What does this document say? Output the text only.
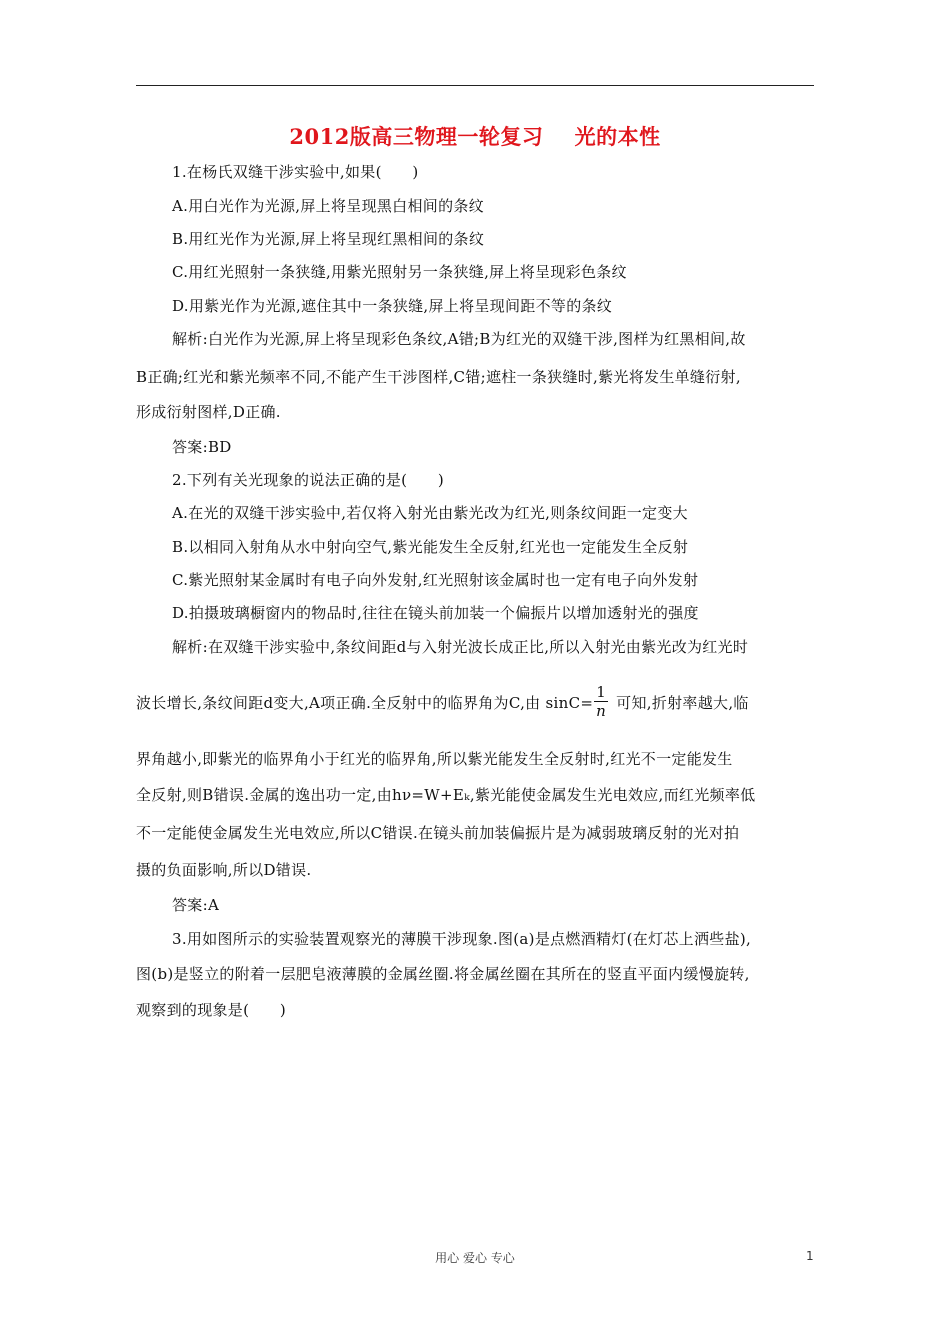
2012版高三物理一轮复习    光的本性
1.在杨氏双缝干涉实验中,如果(　　)
A.用白光作为光源,屏上将呈现黑白相间的条纹
B.用红光作为光源,屏上将呈现红黑相间的条纹
C.用红光照射一条狭缝,用紫光照射另一条狭缝,屏上将呈现彩色条纹
D.用紫光作为光源,遮住其中一条狭缝,屏上将呈现间距不等的条纹
解析:白光作为光源,屏上将呈现彩色条纹,A错;B为红光的双缝干涉,图样为红黑相间,故
B正确;红光和紫光频率不同,不能产生干涉图样,C错;遮柱一条狭缝时,紫光将发生单缝衍射,
形成衍射图样,D正确.
答案:BD
2.下列有关光现象的说法正确的是(　　)
A.在光的双缝干涉实验中,若仅将入射光由紫光改为红光,则条纹间距一定变大
B.以相同入射角从水中射向空气,紫光能发生全反射,红光也一定能发生全反射
C.紫光照射某金属时有电子向外发射,红光照射该金属时也一定有电子向外发射
D.拍摄玻璃橱窗内的物品时,往往在镜头前加装一个偏振片以增加透射光的强度
解析:在双缝干涉实验中,条纹间距d与入射光波长成正比,所以入射光由紫光改为红光时
波长增长,条纹间距d变大,A项正确.全反射中的临界角为C,由 $\sin C= \frac{1}{n}$ 可知,折射率越大,临
界角越小,即紫光的临界角小于红光的临界角,所以紫光能发生全反射时,红光不一定能发生
全反射,则B错误.金属的逸出功一定,由hν=W+Eₖ,紫光能使金属发生光电效应,而红光频率低
不一定能使金属发生光电效应,所以C错误.在镜头前加装偏振片是为减弱玻璃反射的光对拍
摄的负面影响,所以D错误.
答案:A
3.用如图所示的实验装置观察光的薄膜干涉现象.图(a)是点燃酒精灯(在灯芯上洒些盐),
图(b)是竖立的附着一层肥皂液薄膜的金属丝圈.将金属丝圈在其所在的竖直平面内缓慢旋转,
观察到的现象是(　　)
用心 爱心 专心	1
